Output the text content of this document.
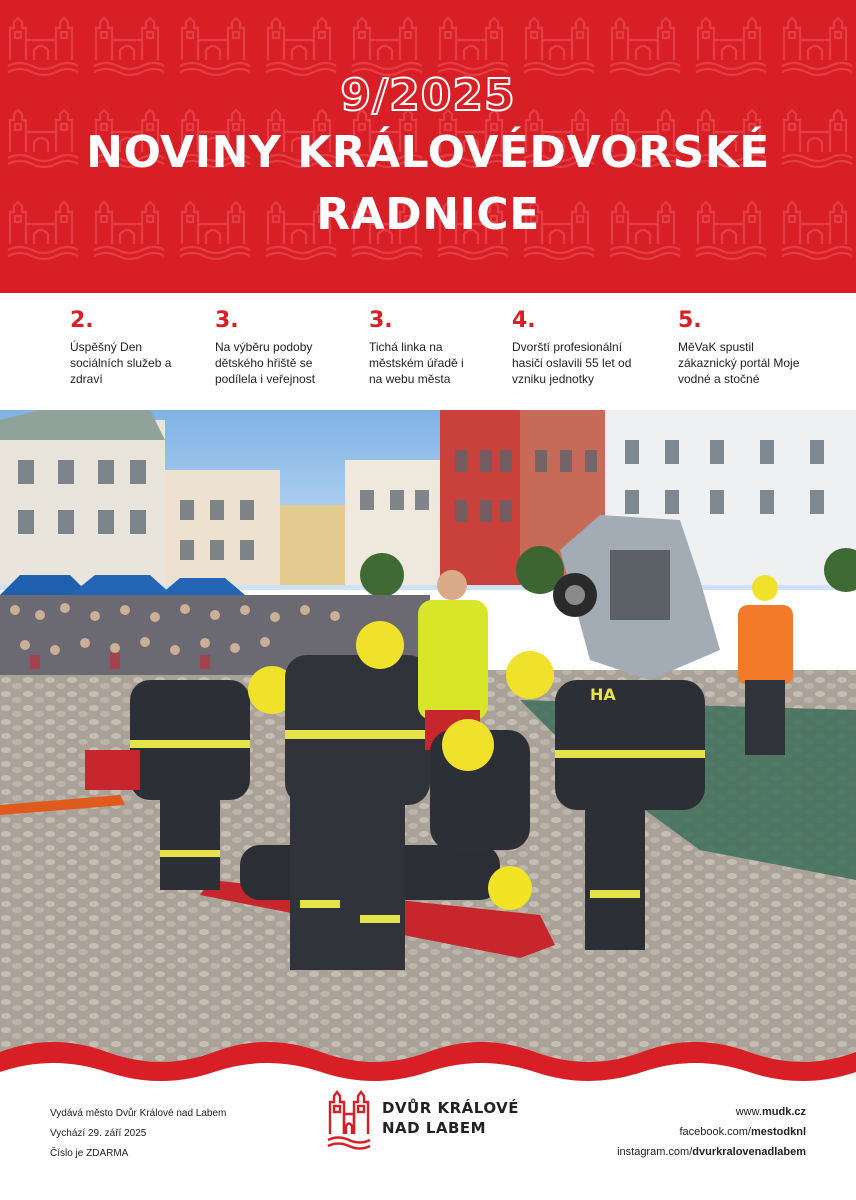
9/2025
NOVINY KRÁLOVÉDVORSKÉ
RADNICE
2.
Úspěšný Den sociálních služeb a zdraví
3.
Na výběru podoby dětského hřiště se podílela i veřejnost
3.
Tichá linka na městském úřadě i na webu města
4.
Dvorští profesionální hasiči oslavili 55 let od vzniku jednotky
5.
MěVaK spustil zákaznický portál Moje vodné a stočné
HA
Vydává město Dvůr Králové nad Labem
Vychází 29. září 2025
Číslo je ZDARMA
DVŮR KRÁLOVÉ
NAD LABEM
www.mudk.cz
facebook.com/mestodknl
instagram.com/dvurkralovenadlabem
